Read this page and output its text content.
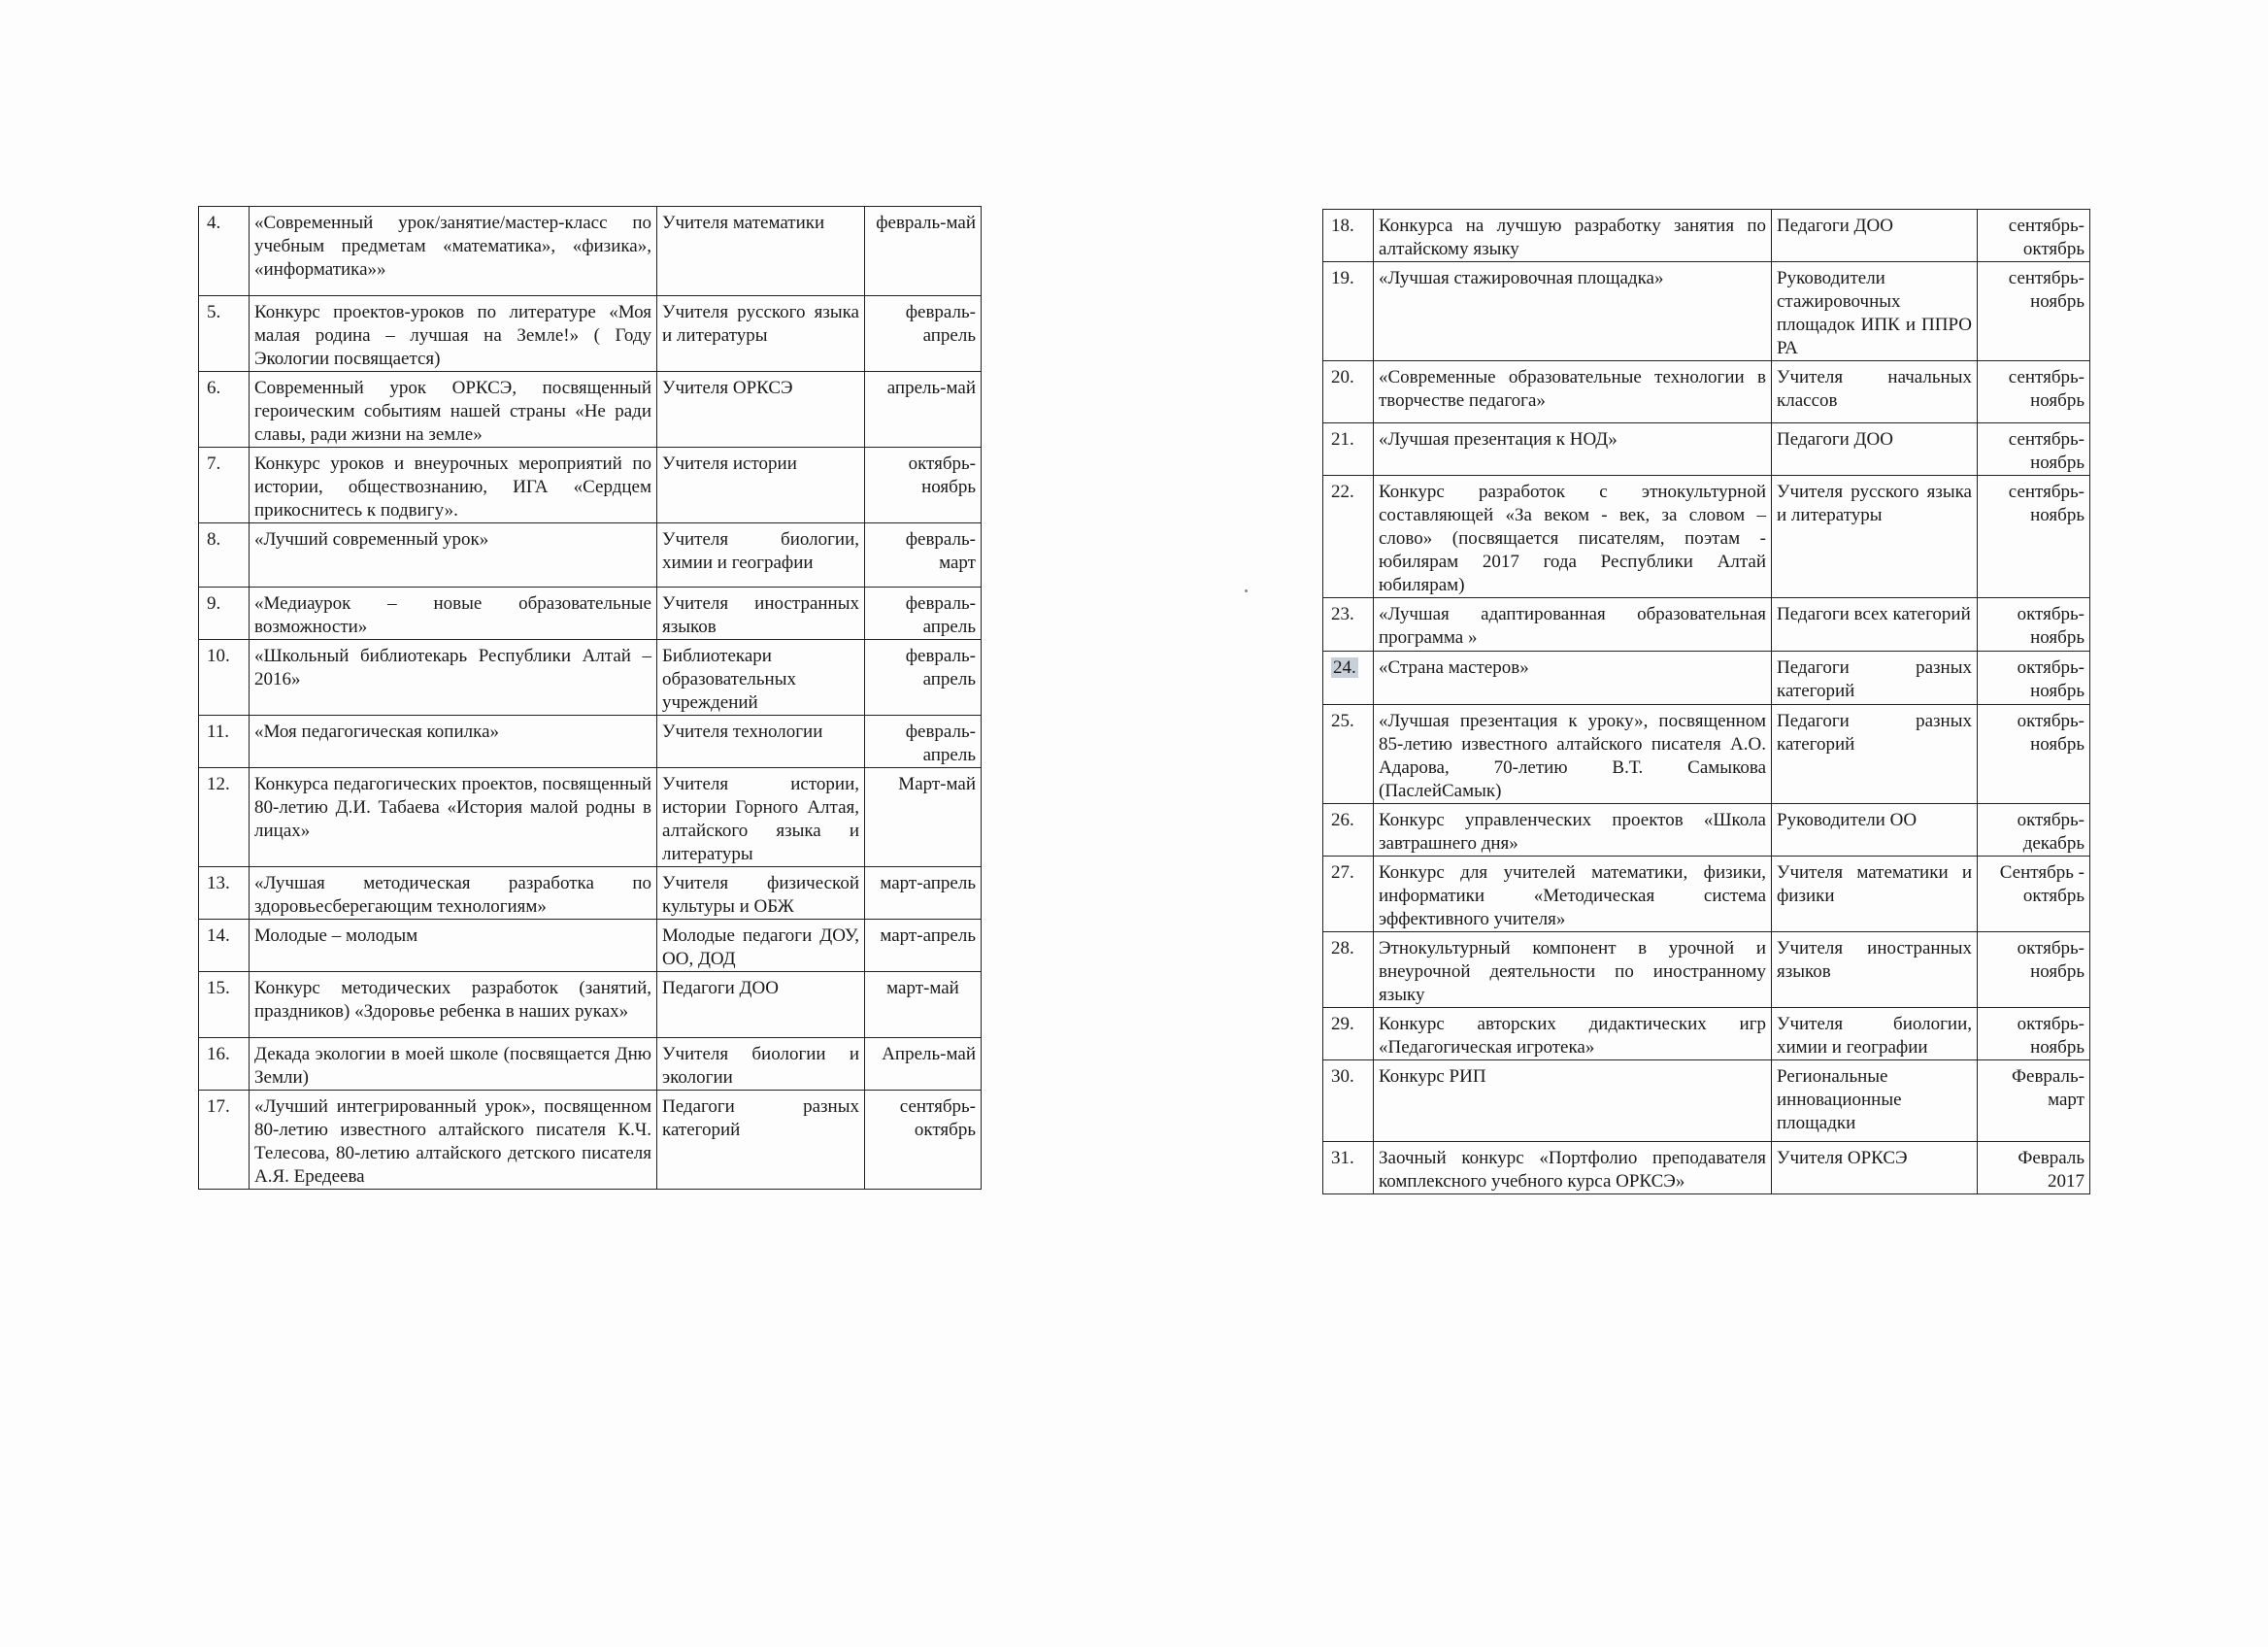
4.	«Современный урок/занятие/мастер-класс по учебным предметам «математика», «физика», «информатика»»	Учителя математики	февраль-май
5.	Конкурс проектов-уроков по литературе «Моя малая родина – лучшая на Земле!» ( Году Экологии посвящается)	Учителя русского языка и литературы	февраль-апрель
6.	Современный урок ОРКСЭ, посвященный героическим событиям нашей страны «Не ради славы, ради жизни на земле»	Учителя ОРКСЭ	апрель-май
7.	Конкурс уроков и внеурочных мероприятий по истории, обществознанию, ИГА «Сердцем прикоснитесь к подвигу».	Учителя истории	октябрь-ноябрь
8.	«Лучший современный урок»	Учителя биологии, химии и географии	февраль-март
9.	«Медиаурок – новые образовательные возможности»	Учителя иностранных языков	февраль-апрель
10.	«Школьный библиотекарь Республики Алтай – 2016»	Библиотекари образовательных учреждений	февраль-апрель
11.	«Моя педагогическая копилка»	Учителя технологии	февраль-апрель
12.	Конкурса педагогических проектов, посвященный 80-летию Д.И. Табаева «История малой родны в лицах»	Учителя истории, истории Горного Алтая, алтайского языка и литературы	Март-май
13.	«Лучшая методическая разработка по здоровьесберегающим технологиям»	Учителя физической культуры и ОБЖ	март-апрель
14.	Молодые – молодым	Молодые педагоги ДОУ, ОО, ДОД	март-апрель
15.	Конкурс методических разработок (занятий, праздников) «Здоровье ребенка в наших руках»	Педагоги ДОО	март-май
16.	Декада экологии в моей школе (посвящается Дню Земли)	Учителя биологии и экологии	Апрель-май
17.	«Лучший интегрированный урок», посвященном 80-летию известного алтайского писателя К.Ч. Телесова, 80-летию алтайского детского писателя А.Я. Ередеева	Педагоги разных категорий	сентябрь-октябрь
18.	Конкурса на лучшую разработку занятия по алтайскому языку	Педагоги ДОО	сентябрь-октябрь
19.	«Лучшая стажировочная площадка»	Руководители стажировочных площадок ИПК и ППРО РА	сентябрь-ноябрь
20.	«Современные образовательные технологии в творчестве педагога»	Учителя начальных классов	сентябрь-ноябрь
21.	«Лучшая презентация к НОД»	Педагоги ДОО	сентябрь-ноябрь
22.	Конкурс разработок с этнокультурной составляющей «За веком - век, за словом – слово» (посвящается писателям, поэтам - юбилярам 2017 года Республики Алтай юбилярам)	Учителя русского языка и литературы	сентябрь-ноябрь
23.	«Лучшая адаптированная образовательная программа »	Педагоги всех категорий	октябрь-ноябрь
24.	«Страна мастеров»	Педагоги разных категорий	октябрь-ноябрь
25.	«Лучшая презентация к уроку», посвященном 85-летию известного алтайского писателя А.О. Адарова, 70-летию В.Т. Самыкова (ПаслейСамык)	Педагоги разных категорий	октябрь-ноябрь
26.	Конкурс управленческих проектов «Школа завтрашнего дня»	Руководители ОО	октябрь-декабрь
27.	Конкурс для учителей математики, физики, информатики «Методическая система эффективного учителя»	Учителя математики и физики	Сентябрь - октябрь
28.	Этнокультурный компонент в урочной и внеурочной деятельности по иностранному языку	Учителя иностранных языков	октябрь-ноябрь
29.	Конкурс авторских дидактических игр «Педагогическая игротека»	Учителя биологии, химии и географии	октябрь-ноябрь
30.	Конкурс РИП	Региональные инновационные площадки	Февраль-март
31.	Заочный конкурс «Портфолио преподавателя комплексного учебного курса ОРКСЭ»	Учителя ОРКСЭ	Февраль 2017
